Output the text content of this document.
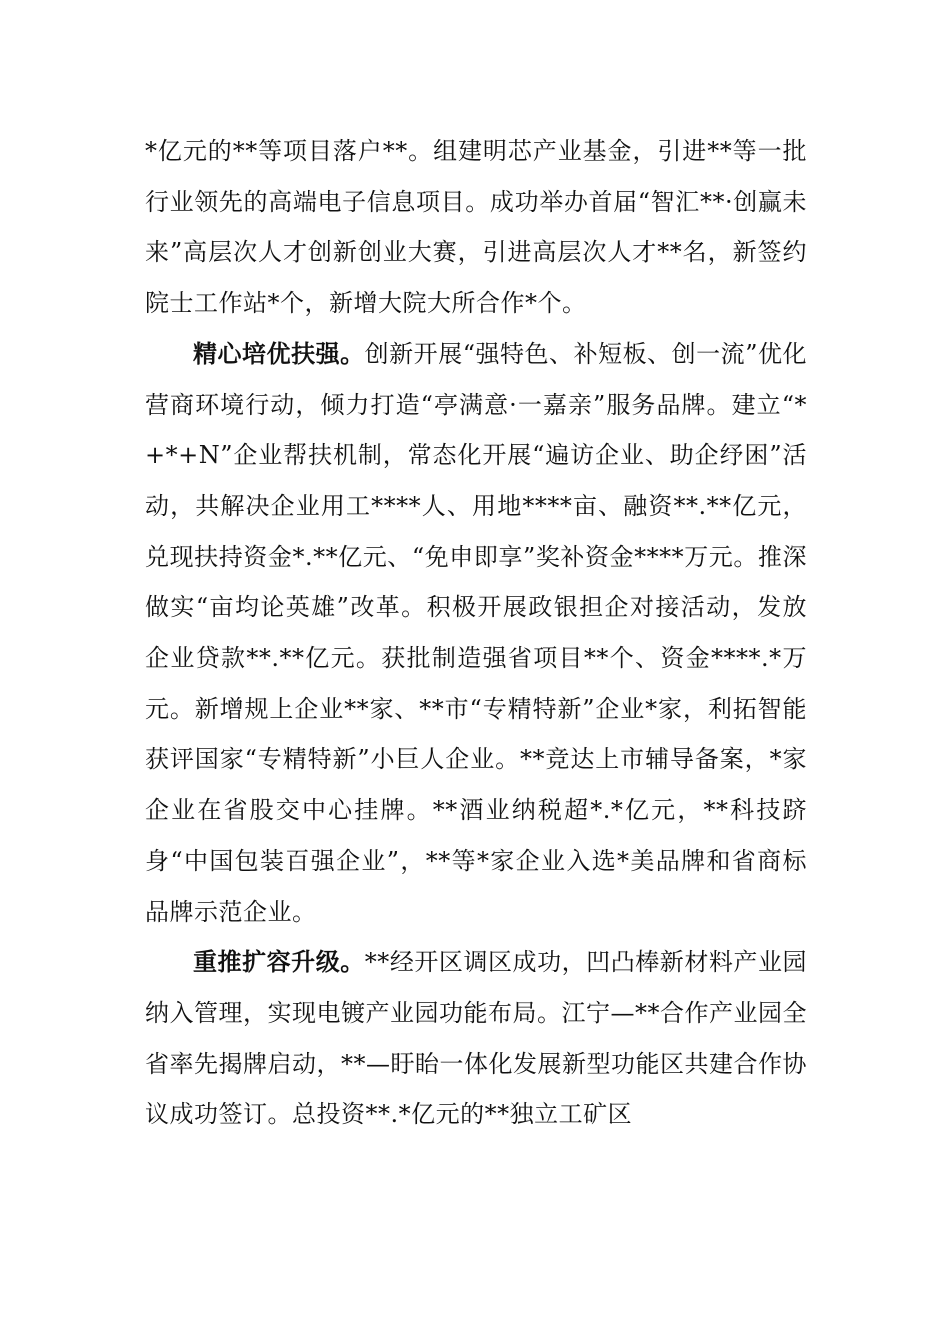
*亿元的**等项目落户**。组建明芯产业基金，引进**等一批行业领先的高端电子信息项目。成功举办首届“智汇**·创赢未来”高层次人才创新创业大赛，引进高层次人才**名，新签约院士工作站*个，新增大院大所合作*个。

精心培优扶强。创新开展“强特色、补短板、创一流”优化营商环境行动，倾力打造“亭满意·一嘉亲”服务品牌。建立“*+*+N”企业帮扶机制，常态化开展“遍访企业、助企纾困”活动，共解决企业用工****人、用地****亩、融资**.**亿元，兑现扶持资金*.**亿元、“免申即享”奖补资金****万元。推深做实“亩均论英雄”改革。积极开展政银担企对接活动，发放企业贷款**.**亿元。获批制造强省项目**个、资金****.*万元。新增规上企业**家、**市“专精特新”企业*家，利拓智能获评国家“专精特新”小巨人企业。**竞达上市辅导备案，*家企业在省股交中心挂牌。**酒业纳税超*.*亿元，**科技跻身“中国包装百强企业”，**等*家企业入选*美品牌和省商标品牌示范企业。

重推扩容升级。**经开区调区成功，凹凸棒新材料产业园纳入管理，实现电镀产业园功能布局。江宁—**合作产业园全省率先揭牌启动，**—盱眙一体化发展新型功能区共建合作协议成功签订。总投资**.*亿元的**独立工矿区
